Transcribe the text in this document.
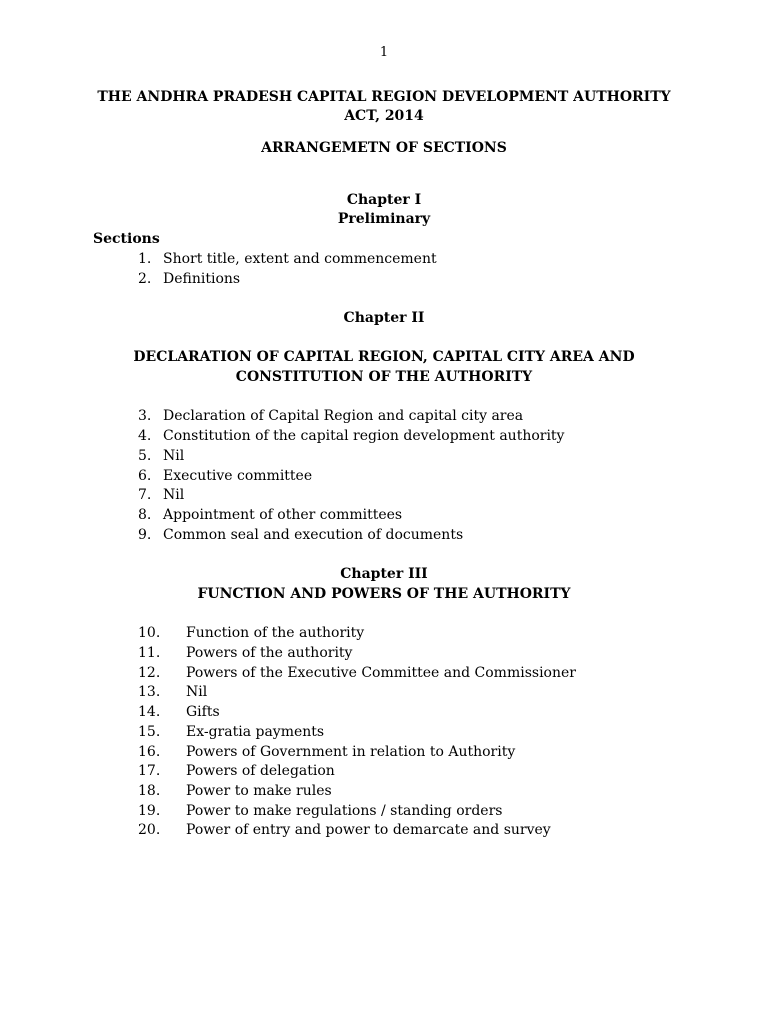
1
THE ANDHRA PRADESH CAPITAL REGION DEVELOPMENT AUTHORITY
ACT, 2014
ARRANGEMETN OF SECTIONS
Chapter I
Preliminary
Sections
1. Short title, extent and commencement
2. Definitions
Chapter II
DECLARATION OF CAPITAL REGION, CAPITAL CITY AREA AND
CONSTITUTION OF THE AUTHORITY
3. Declaration of Capital Region and capital city area
4. Constitution of the capital region development authority
5. Nil
6. Executive committee
7. Nil
8. Appointment of other committees
9. Common seal and execution of documents
Chapter III
FUNCTION AND POWERS OF THE AUTHORITY
10. Function of the authority
11. Powers of the authority
12. Powers of the Executive Committee and Commissioner
13. Nil
14. Gifts
15. Ex-gratia payments
16. Powers of Government in relation to Authority
17. Powers of delegation
18. Power to make rules
19. Power to make regulations / standing orders
20. Power of entry and power to demarcate and survey
